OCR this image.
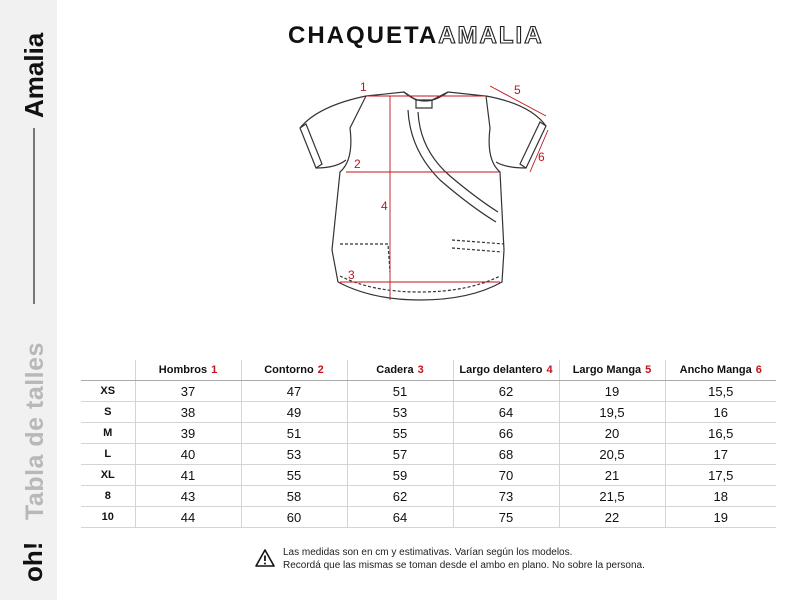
Amalia
Tabla de talles
oh!
CHAQUETAAMALIA
1
2
3
4
5
6
	Hombros 1	Contorno 2	Cadera 3	Largo delantero 4	Largo Manga 5	Ancho Manga 6
XS	37	47	51	62	19	15,5
S	38	49	53	64	19,5	16
M	39	51	55	66	20	16,5
L	40	53	57	68	20,5	17
XL	41	55	59	70	21	17,5
8	43	58	62	73	21,5	18
10	44	60	64	75	22	19
Las medidas son en cm y estimativas. Varían según los modelos.
Recordá que las mismas se toman desde el ambo en plano. No sobre la persona.
